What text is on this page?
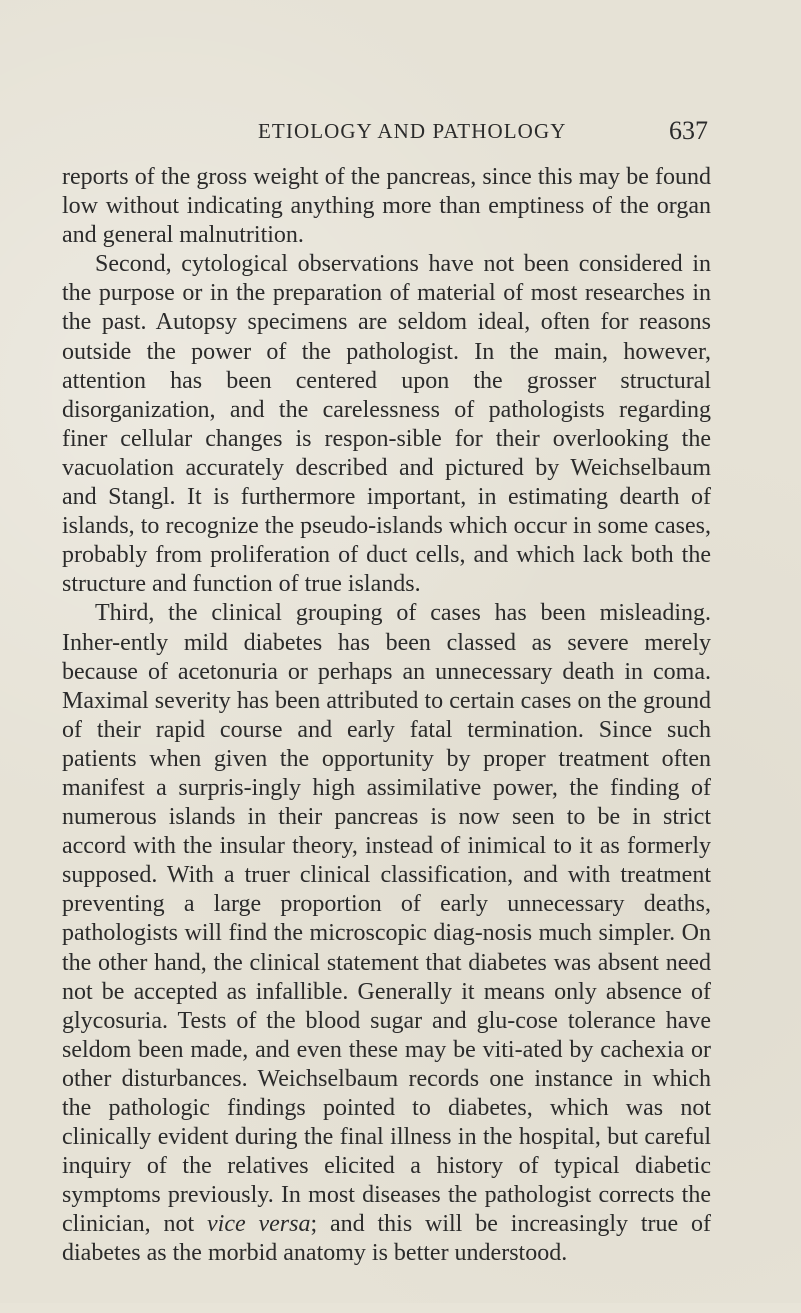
ETIOLOGY AND PATHOLOGY	637

reports of the gross weight of the pancreas, since this may be found low without indicating anything more than emptiness of the organ and general malnutrition.

Second, cytological observations have not been considered in the purpose or in the preparation of material of most researches in the past. Autopsy specimens are seldom ideal, often for reasons outside the power of the pathologist. In the main, however, attention has been centered upon the grosser structural disorganization, and the carelessness of pathologists regarding finer cellular changes is respon-sible for their overlooking the vacuolation accurately described and pictured by Weichselbaum and Stangl. It is furthermore important, in estimating dearth of islands, to recognize the pseudo-islands which occur in some cases, probably from proliferation of duct cells, and which lack both the structure and function of true islands.

Third, the clinical grouping of cases has been misleading. Inher-ently mild diabetes has been classed as severe merely because of acetonuria or perhaps an unnecessary death in coma. Maximal severity has been attributed to certain cases on the ground of their rapid course and early fatal termination. Since such patients when given the opportunity by proper treatment often manifest a surpris-ingly high assimilative power, the finding of numerous islands in their pancreas is now seen to be in strict accord with the insular theory, instead of inimical to it as formerly supposed. With a truer clinical classification, and with treatment preventing a large proportion of early unnecessary deaths, pathologists will find the microscopic diag-nosis much simpler. On the other hand, the clinical statement that diabetes was absent need not be accepted as infallible. Generally it means only absence of glycosuria. Tests of the blood sugar and glu-cose tolerance have seldom been made, and even these may be viti-ated by cachexia or other disturbances. Weichselbaum records one instance in which the pathologic findings pointed to diabetes, which was not clinically evident during the final illness in the hospital, but careful inquiry of the relatives elicited a history of typical diabetic symptoms previously. In most diseases the pathologist corrects the clinician, not vice versa; and this will be increasingly true of diabetes as the morbid anatomy is better understood.
